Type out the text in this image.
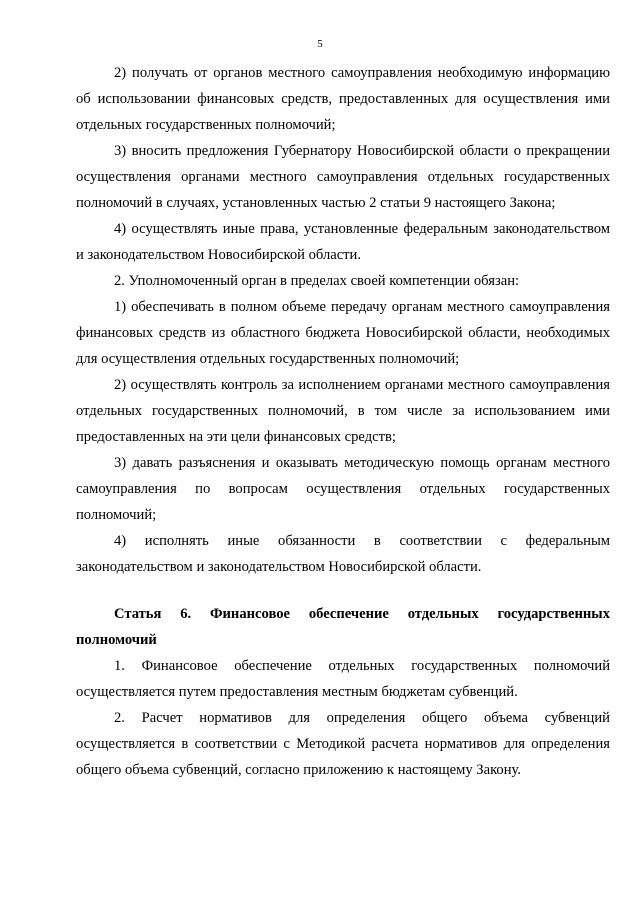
5

2) получать от органов местного самоуправления необходимую информацию об использовании финансовых средств, предоставленных для осуществления ими отдельных государственных полномочий;

3) вносить предложения Губернатору Новосибирской области о прекращении осуществления органами местного самоуправления отдельных государственных полномочий в случаях, установленных частью 2 статьи 9 настоящего Закона;

4) осуществлять иные права, установленные федеральным законодательством и законодательством Новосибирской области.

2. Уполномоченный орган в пределах своей компетенции обязан:

1) обеспечивать в полном объеме передачу органам местного самоуправления финансовых средств из областного бюджета Новосибирской области, необходимых для осуществления отдельных государственных полномочий;

2) осуществлять контроль за исполнением органами местного самоуправления отдельных государственных полномочий, в том числе за использованием ими предоставленных на эти цели финансовых средств;

3) давать разъяснения и оказывать методическую помощь органам местного самоуправления по вопросам осуществления отдельных государственных полномочий;

4) исполнять иные обязанности в соответствии с федеральным законодательством и законодательством Новосибирской области.

Статья 6. Финансовое обеспечение отдельных государственных полномочий

1. Финансовое обеспечение отдельных государственных полномочий осуществляется путем предоставления местным бюджетам субвенций.

2. Расчет нормативов для определения общего объема субвенций осуществляется в соответствии с Методикой расчета нормативов для определения общего объема субвенций, согласно приложению к настоящему Закону.
